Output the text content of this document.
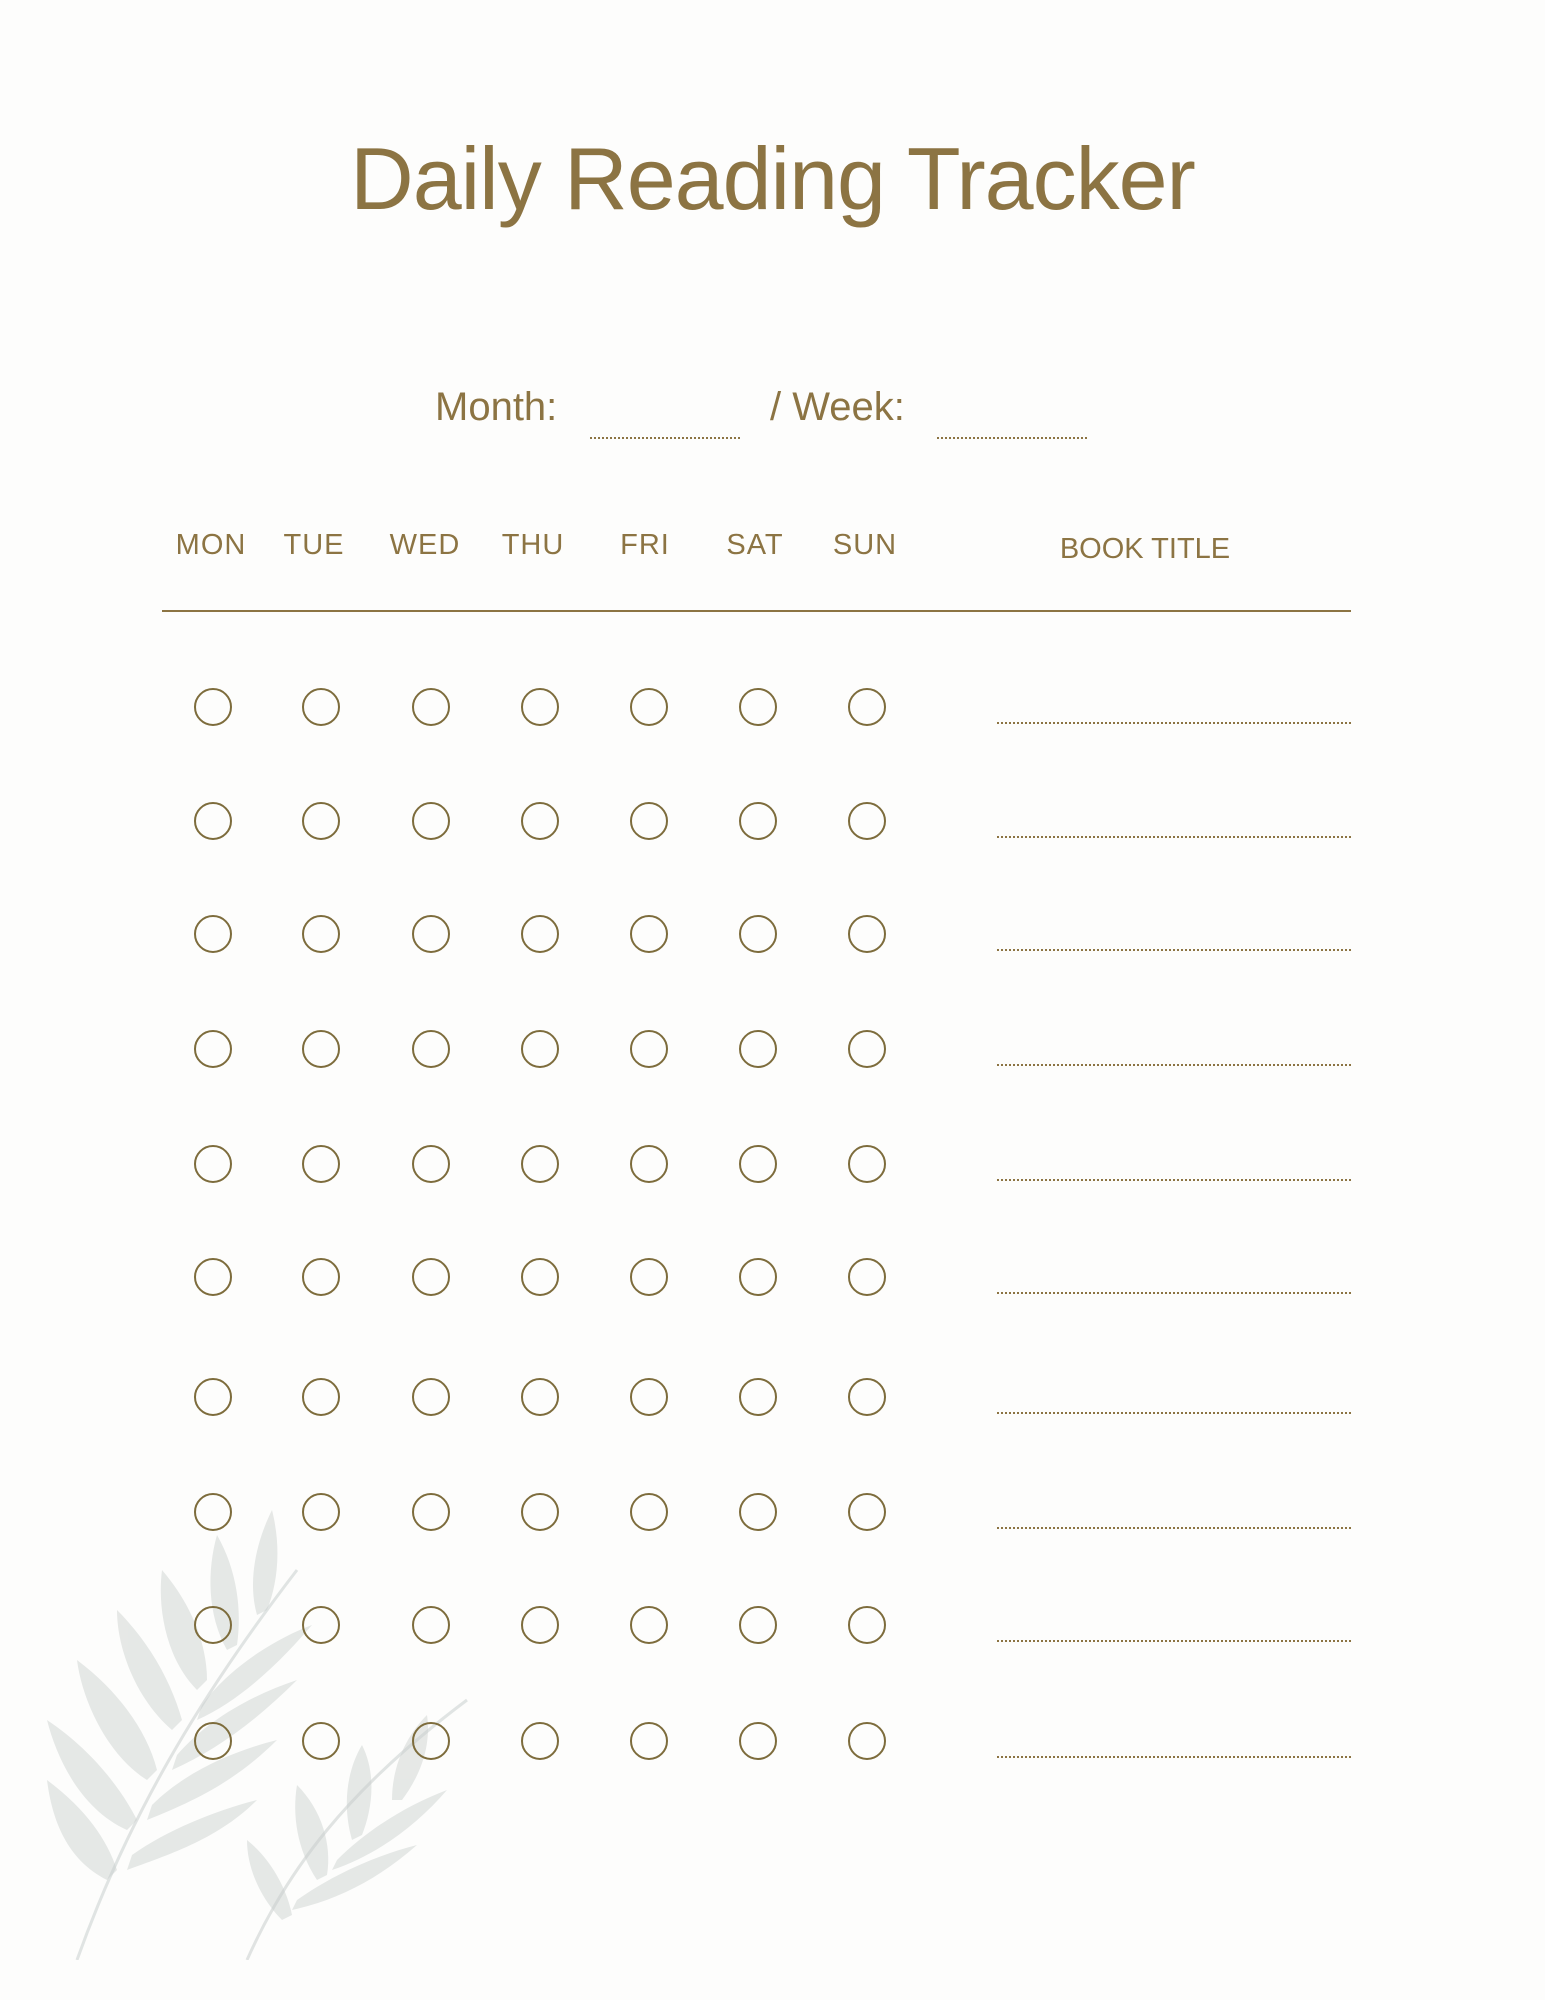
Daily Reading Tracker
Month:	/ Week:
MON	TUE	WED THU	FRI	SAT	SUN	BOOK TITLE
